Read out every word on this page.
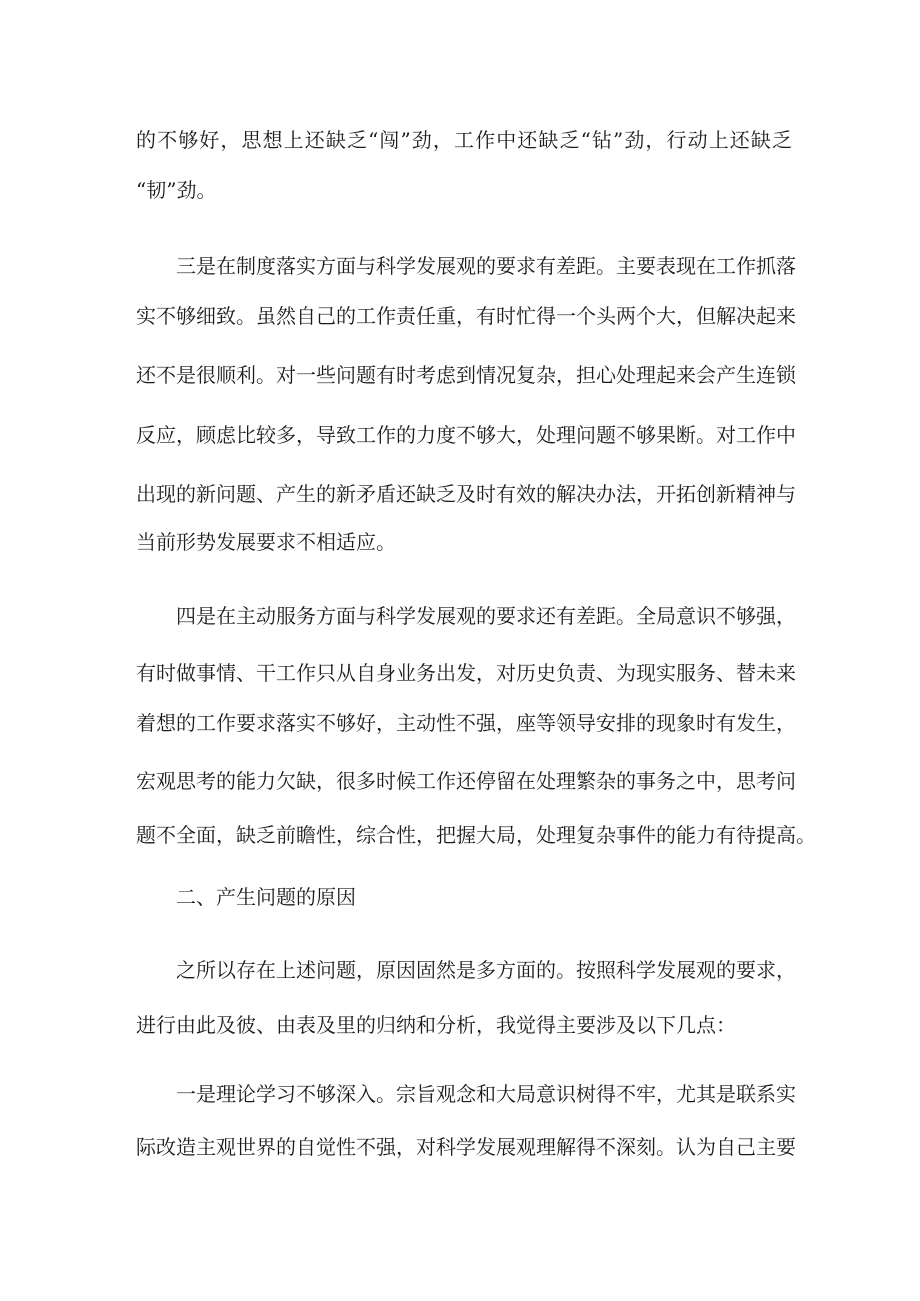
的不够好，思想上还缺乏“闯”劲，工作中还缺乏“钻”劲，行动上还缺乏
“韧”劲。
三是在制度落实方面与科学发展观的要求有差距。主要表现在工作抓落
实不够细致。虽然自己的工作责任重，有时忙得一个头两个大，但解决起来
还不是很顺利。对一些问题有时考虑到情况复杂，担心处理起来会产生连锁
反应，顾虑比较多，导致工作的力度不够大，处理问题不够果断。对工作中
出现的新问题、产生的新矛盾还缺乏及时有效的解决办法，开拓创新精神与
当前形势发展要求不相适应。
四是在主动服务方面与科学发展观的要求还有差距。全局意识不够强，
有时做事情、干工作只从自身业务出发，对历史负责、为现实服务、替未来
着想的工作要求落实不够好，主动性不强，座等领导安排的现象时有发生，
宏观思考的能力欠缺，很多时候工作还停留在处理繁杂的事务之中，思考问
题不全面，缺乏前瞻性，综合性，把握大局，处理复杂事件的能力有待提高。
二、产生问题的原因
之所以存在上述问题，原因固然是多方面的。按照科学发展观的要求，
进行由此及彼、由表及里的归纳和分析，我觉得主要涉及以下几点：
一是理论学习不够深入。宗旨观念和大局意识树得不牢，尤其是联系实
际改造主观世界的自觉性不强，对科学发展观理解得不深刻。认为自己主要
